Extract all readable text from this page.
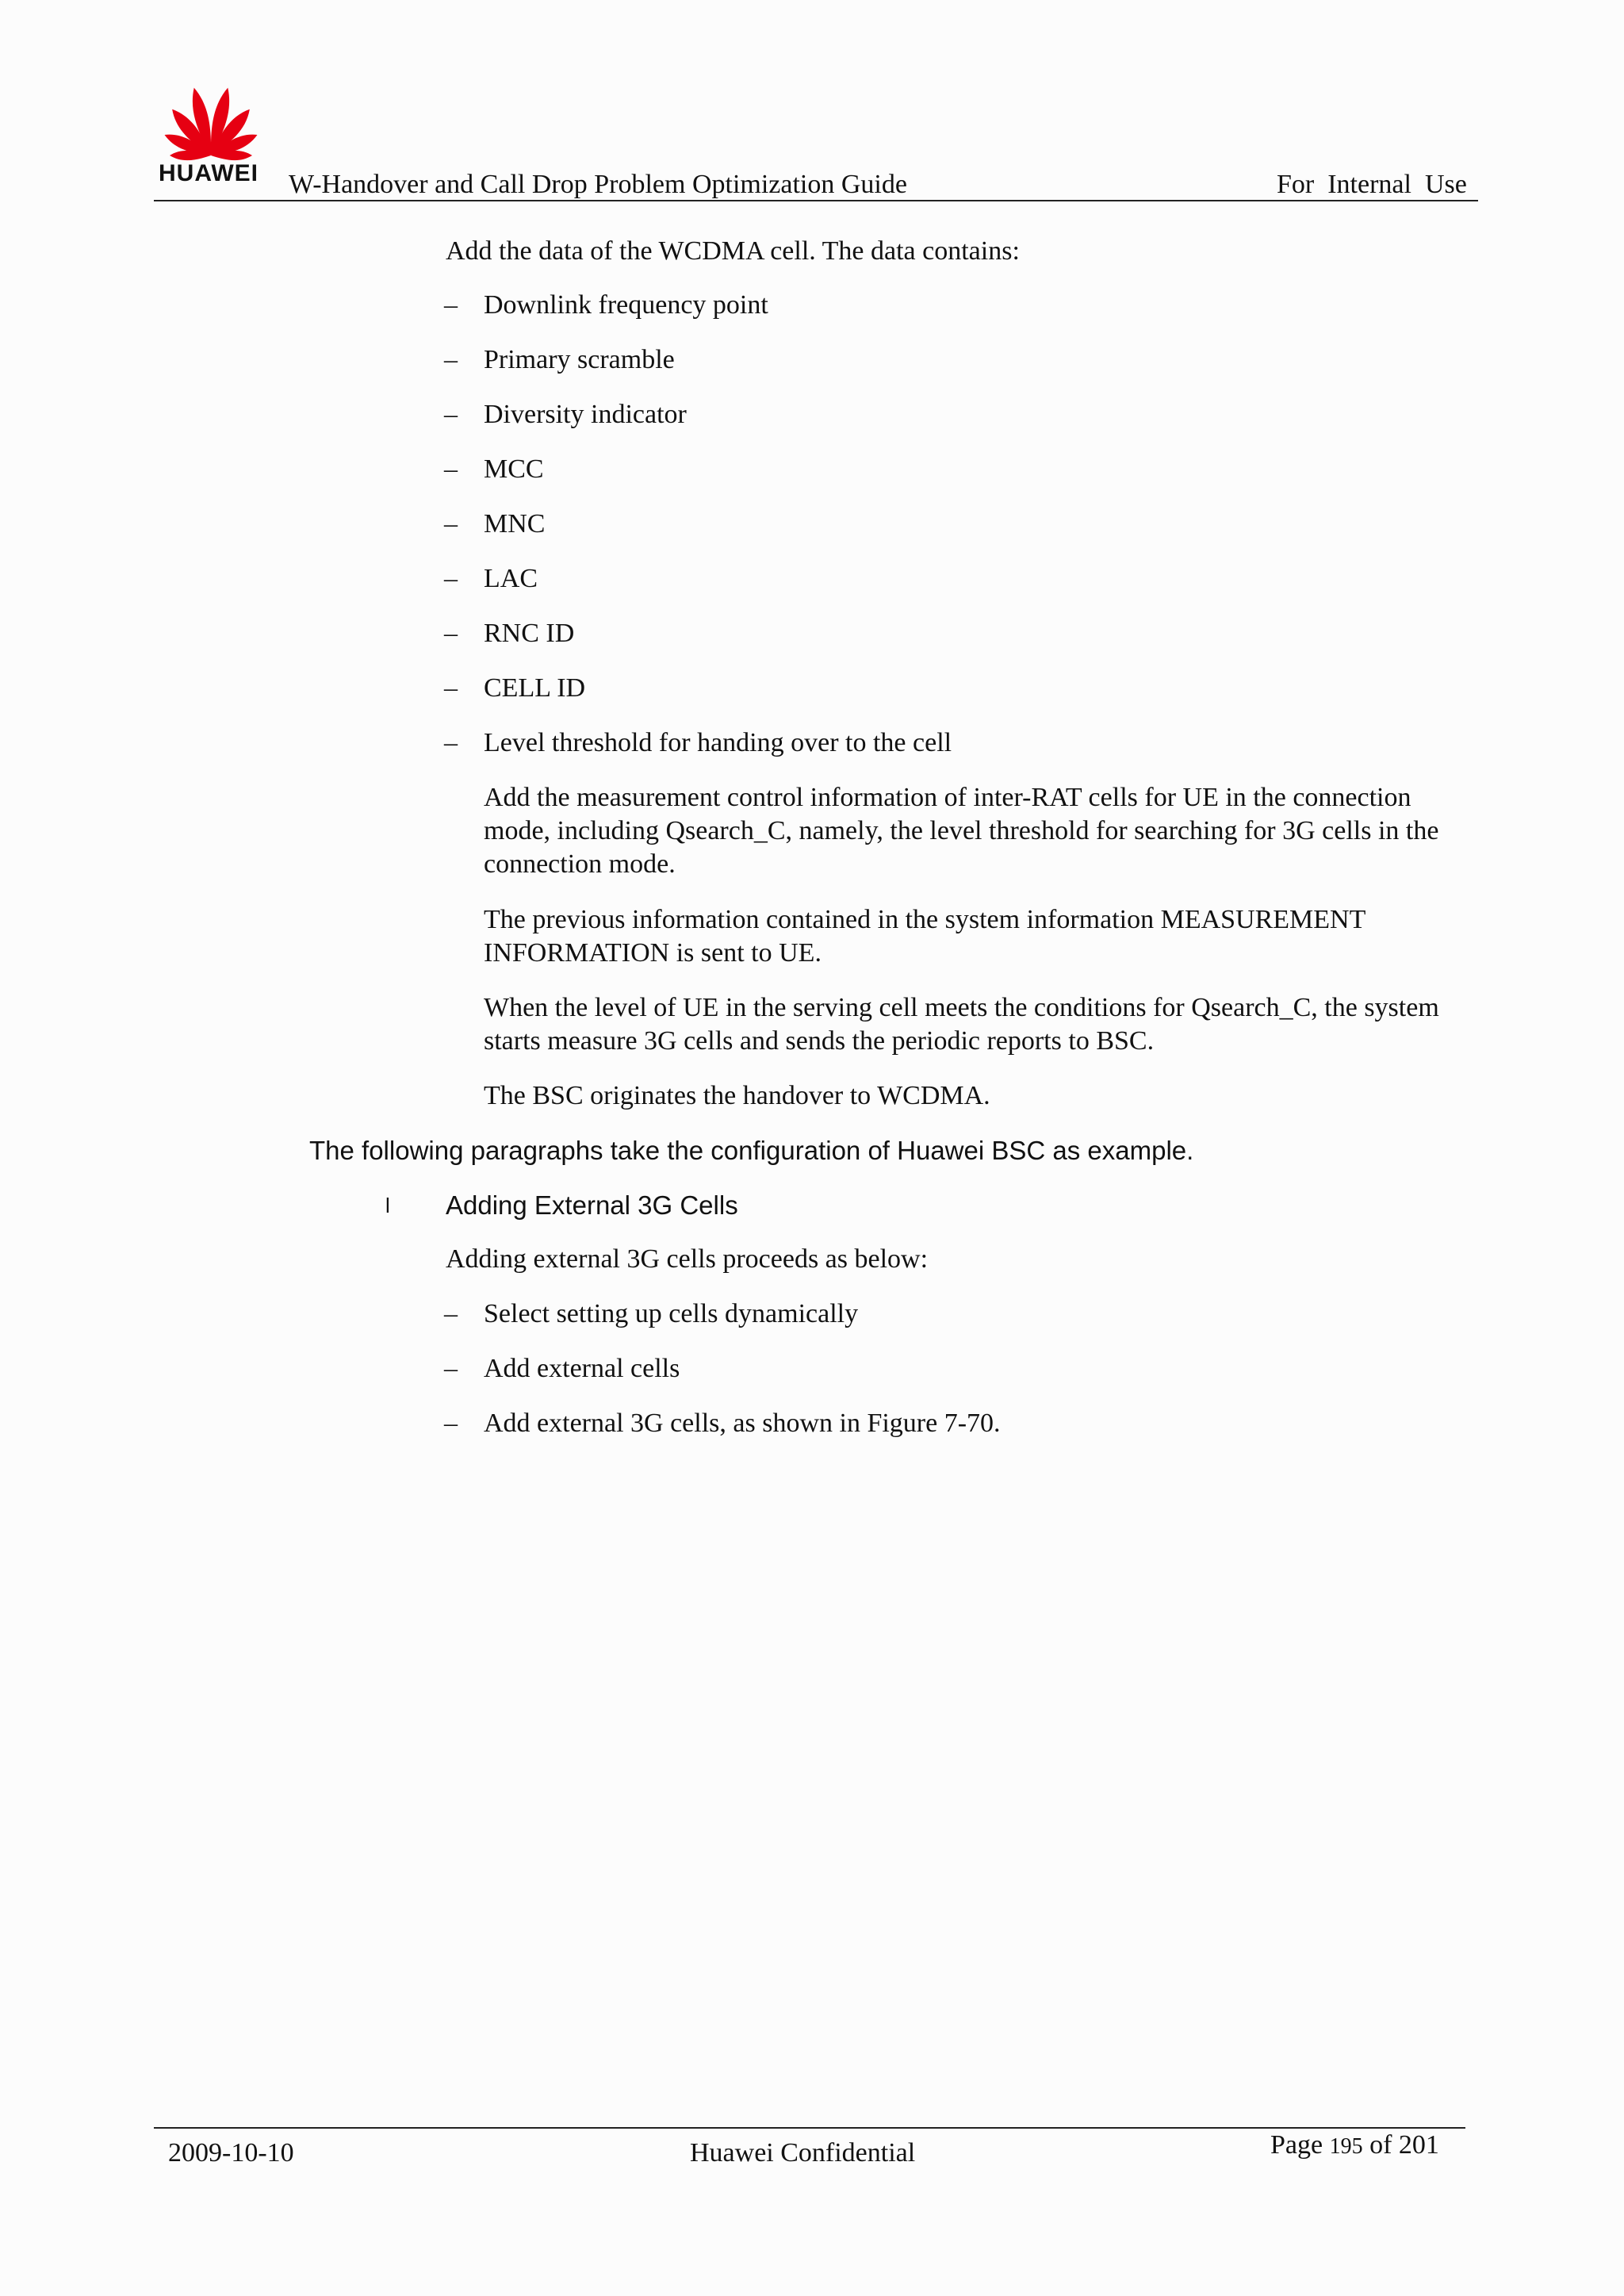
HUAWEI W-Handover and Call Drop Problem Optimization Guide	For  Internal  Use
Add the data of the WCDMA cell. The data contains:
– Downlink frequency point
– Primary scramble
– Diversity indicator
– MCC
– MNC
– LAC
– RNC ID
– CELL ID
– Level threshold for handing over to the cell
Add the measurement control information of inter-RAT cells for UE in the connection mode, including Qsearch_C, namely, the level threshold for searching for 3G cells in the connection mode.
The previous information contained in the system information MEASUREMENT INFORMATION is sent to UE.
When the level of UE in the serving cell meets the conditions for Qsearch_C, the system starts measure 3G cells and sends the periodic reports to BSC.
The BSC originates the handover to WCDMA.
The following paragraphs take the configuration of Huawei BSC as example.
l Adding External 3G Cells
Adding external 3G cells proceeds as below:
– Select setting up cells dynamically
– Add external cells
– Add external 3G cells, as shown in Figure 7-70.
2009-10-10	Huawei Confidential	Page 195 of 201
